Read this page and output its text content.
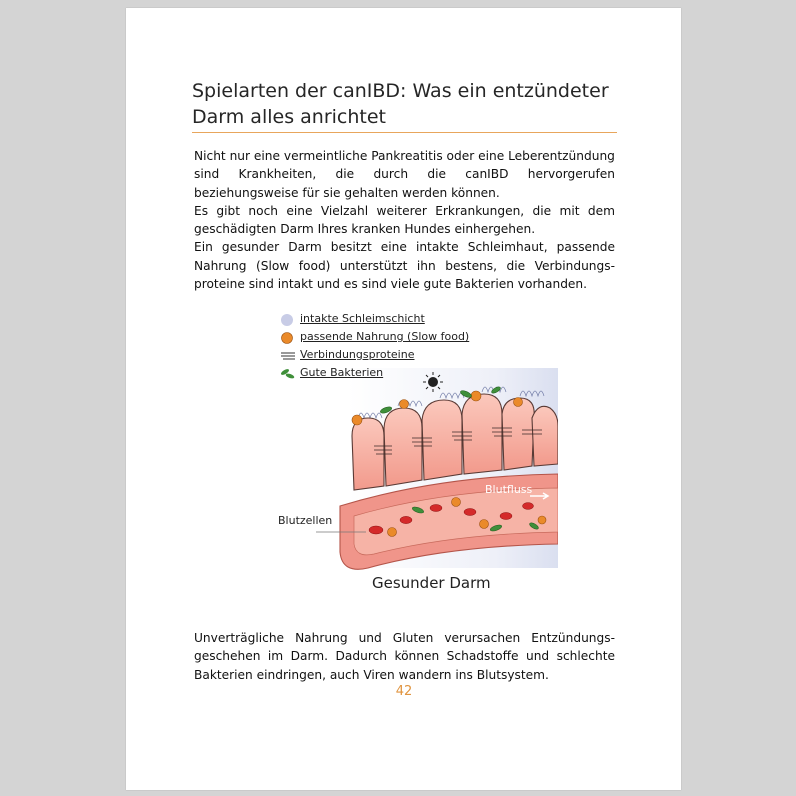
Spielarten der canIBD: Was ein entzündeter
Darm alles anrichtet

Nicht nur eine vermeintliche Pankreatitis oder eine Leberentzündung
sind Krankheiten, die durch die canIBD hervorgerufen
beziehungsweise für sie gehalten werden können.
Es gibt noch eine Vielzahl weiterer Erkrankungen, die mit dem
geschädigten Darm Ihres kranken Hundes einhergehen.
Ein gesunder Darm besitzt eine intakte Schleimhaut, passende
Nahrung (Slow food) unterstützt ihn bestens, die Verbindungs-
proteine sind intakt und es sind viele gute Bakterien vorhanden.

intakte Schleimschicht
passende Nahrung (Slow food)
Verbindungsproteine
Gute Bakterien
Blutzellen
Blutfluss
Gesunder Darm

Unverträgliche Nahrung und Gluten verursachen Entzündungs-
geschehen im Darm. Dadurch können Schadstoffe und schlechte
Bakterien eindringen, auch Viren wandern ins Blutsystem.

42
